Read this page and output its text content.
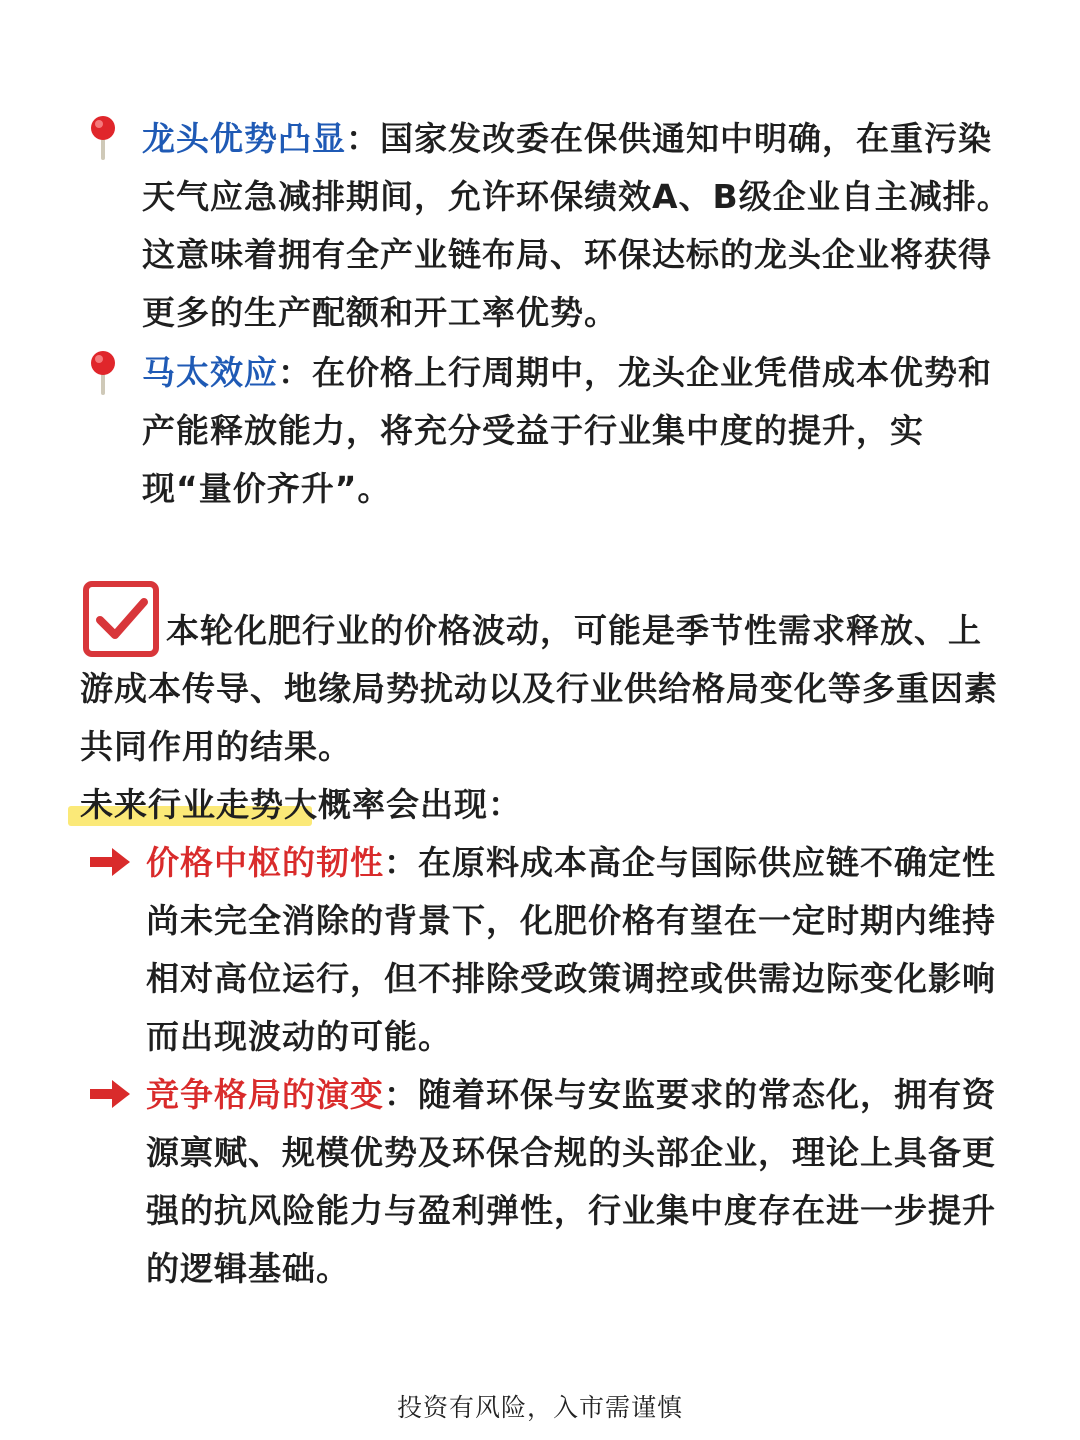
龙头优势凸显：国家发改委在保供通知中明确，在重污染天气应急减排期间，允许环保绩效A、B级企业自主减排。这意味着拥有全产业链布局、环保达标的龙头企业将获得更多的生产配额和开工率优势。

马太效应：在价格上行周期中，龙头企业凭借成本优势和产能释放能力，将充分受益于行业集中度的提升，实现“量价齐升”。

本轮化肥行业的价格波动，可能是季节性需求释放、上游成本传导、地缘局势扰动以及行业供给格局变化等多重因素共同作用的结果。

未来行业走势大概率会出现：

价格中枢的韧性：在原料成本高企与国际供应链不确定性尚未完全消除的背景下，化肥价格有望在一定时期内维持相对高位运行，但不排除受政策调控或供需边际变化影响而出现波动的可能。

竞争格局的演变：随着环保与安监要求的常态化，拥有资源禀赋、规模优势及环保合规的头部企业，理论上具备更强的抗风险能力与盈利弹性，行业集中度存在进一步提升的逻辑基础。

投资有风险，入市需谨慎
